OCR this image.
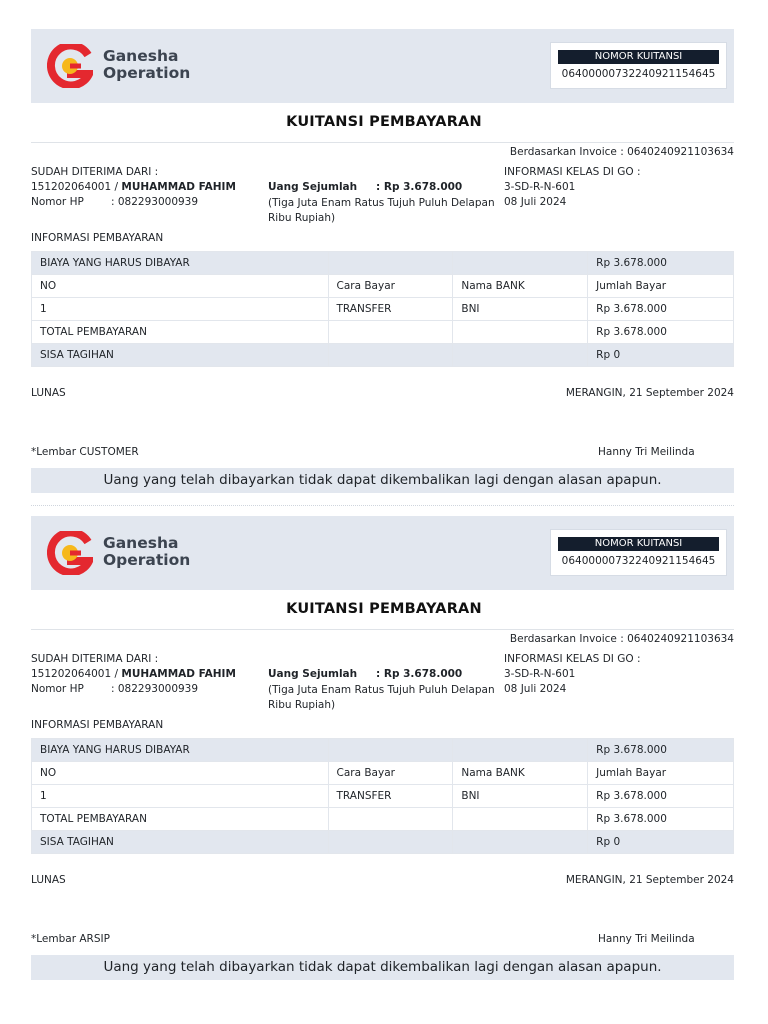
Ganesha
Operation
NOMOR KUITANSI
06400000732240921154645
KUITANSI PEMBAYARAN
Berdasarkan Invoice : 0640240921103634
SUDAH DITERIMA DARI :
151202064001 / MUHAMMAD FAHIM
Nomor HP	: 082293000939
Uang Sejumlah : Rp 3.678.000
(Tiga Juta Enam Ratus Tujuh Puluh Delapan Ribu Rupiah)
INFORMASI KELAS DI GO :
3-SD-R-N-601
08 Juli 2024
INFORMASI PEMBAYARAN
BIAYA YANG HARUS DIBAYAR			Rp 3.678.000
NO	Cara Bayar	Nama BANK	Jumlah Bayar
1	TRANSFER	BNI	Rp 3.678.000
TOTAL PEMBAYARAN			Rp 3.678.000
SISA TAGIHAN			Rp 0
LUNAS	MERANGIN, 21 September 2024
*Lembar CUSTOMER	Hanny Tri Meilinda
Uang yang telah dibayarkan tidak dapat dikembalikan lagi dengan alasan apapun.
Ganesha
Operation
NOMOR KUITANSI
06400000732240921154645
KUITANSI PEMBAYARAN
Berdasarkan Invoice : 0640240921103634
SUDAH DITERIMA DARI :
151202064001 / MUHAMMAD FAHIM
Nomor HP	: 082293000939
Uang Sejumlah : Rp 3.678.000
(Tiga Juta Enam Ratus Tujuh Puluh Delapan Ribu Rupiah)
INFORMASI KELAS DI GO :
3-SD-R-N-601
08 Juli 2024
INFORMASI PEMBAYARAN
BIAYA YANG HARUS DIBAYAR			Rp 3.678.000
NO	Cara Bayar	Nama BANK	Jumlah Bayar
1	TRANSFER	BNI	Rp 3.678.000
TOTAL PEMBAYARAN			Rp 3.678.000
SISA TAGIHAN			Rp 0
LUNAS	MERANGIN, 21 September 2024
*Lembar ARSIP	Hanny Tri Meilinda
Uang yang telah dibayarkan tidak dapat dikembalikan lagi dengan alasan apapun.
